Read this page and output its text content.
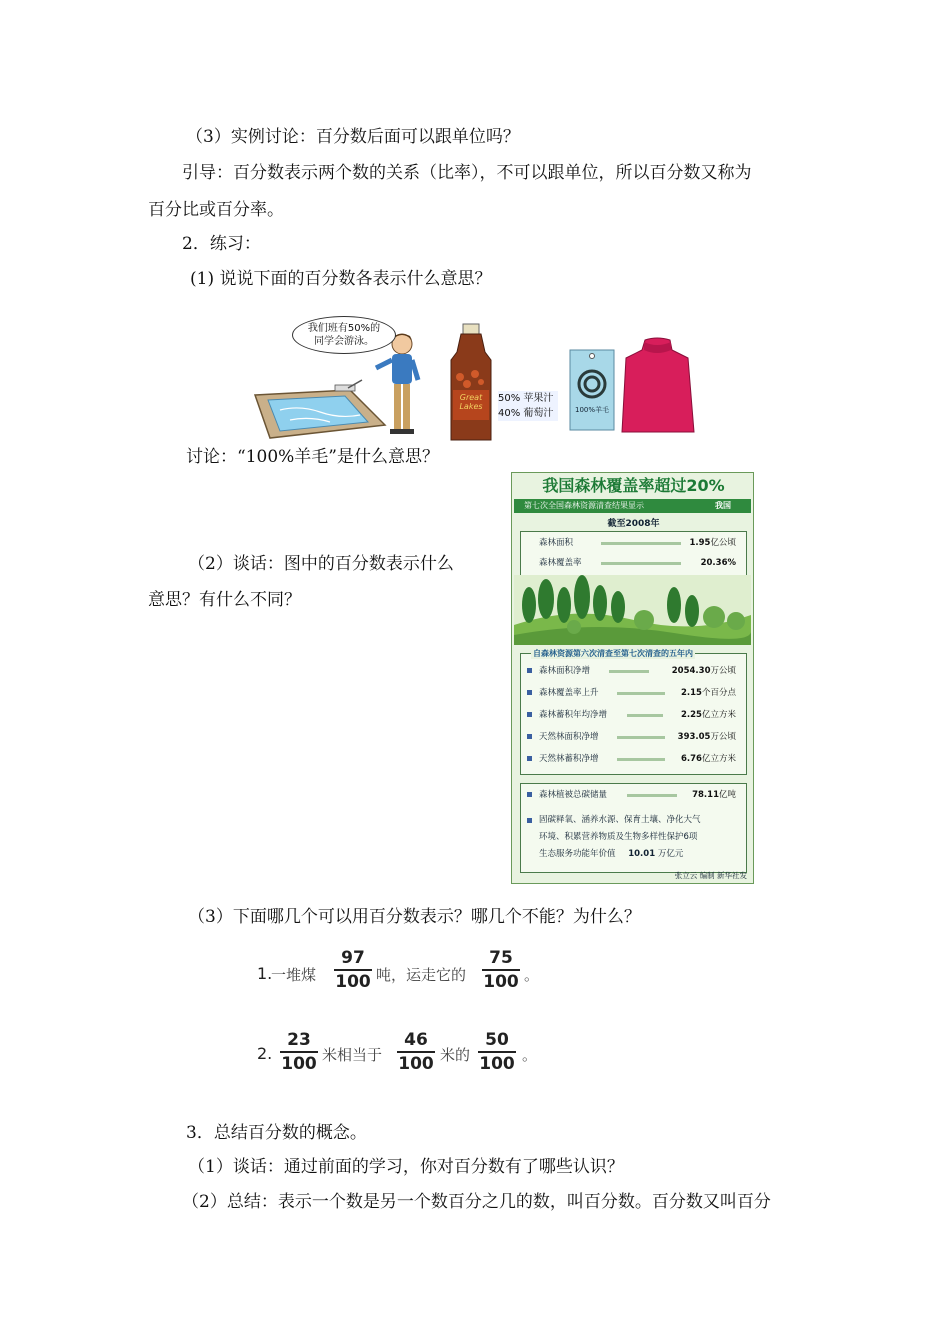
（3）实例讨论：百分数后面可以跟单位吗？
引导：百分数表示两个数的关系（比率），不可以跟单位，所以百分数又称为
百分比或百分率。
2．练习：
(1) 说说下面的百分数各表示什么意思？
我们班有50%的
同学会游泳。
Great
Lakes
50% 苹果汁
40% 葡萄汁	100%羊毛
讨论：“100%羊毛”是什么意思？
我国森林覆盖率超过20%
第七次全国森林资源清查结果显示	我国
截至2008年
森林面积	1.95亿公顷
森林覆盖率	20.36%
自森林资源第六次清查至第七次清查的五年内
森林面积净增	2054.30万公顷
森林覆盖率上升	2.15个百分点
森林蓄积年均净增	2.25亿立方米
天然林面积净增	393.05万公顷
天然林蓄积净增	6.76亿立方米
森林植被总碳储量	78.11亿吨
固碳释氧、涵养水源、保育土壤、净化大气
环境、积累营养物质及生物多样性保护6项
生态服务功能年价值 10.01 万亿元
张立云 编制 新华社发
（2）谈话：图中的百分数表示什么
意思？有什么不同？
（3）下面哪几个可以用百分数表示？哪几个不能？为什么？
1.
一堆煤
97
100 吨，运走它的
75
100 。
2.
23
100 米相当于
46
100 米的
50
100 。
3．总结百分数的概念。
（1）谈话：通过前面的学习，你对百分数有了哪些认识？
（2）总结：表示一个数是另一个数百分之几的数，叫百分数。百分数又叫百分
